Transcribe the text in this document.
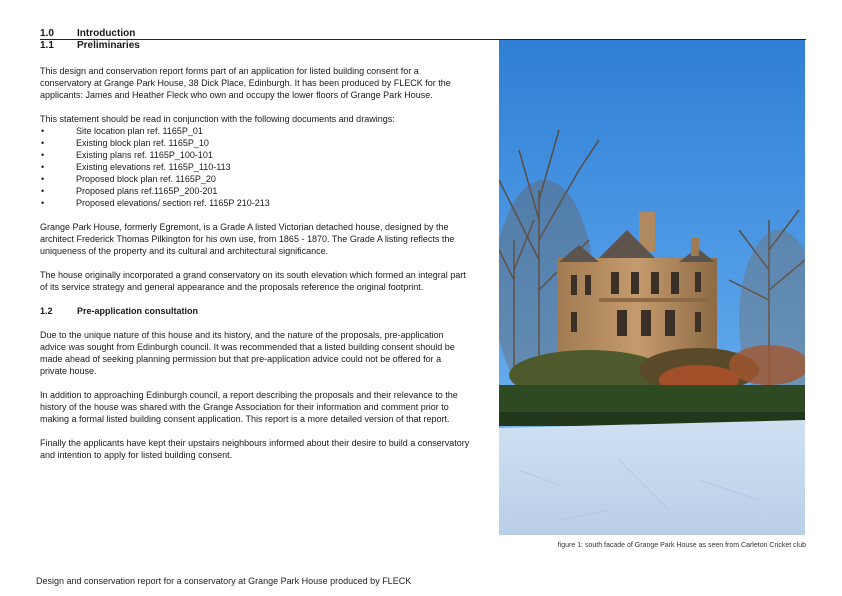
1.0 Introduction
1.1 Preliminaries

This design and conservation report forms part of an application for listed building consent for a conservatory at Grange Park House, 38 Dick Place, Edinburgh. It has been produced by FLECK for the applicants: James and Heather Fleck who own and occupy the lower floors of Grange Park House.

This statement should be read in conjunction with the following documents and drawings:
• Site location plan ref. 1165P_01
• Existing block plan ref. 1165P_10
• Existing plans ref. 1165P_100-101
• Existing elevations ref. 1165P_110-113
• Proposed block plan ref. 1165P_20
• Proposed plans ref.1165P_200-201
• Proposed elevations/ section ref. 1165P 210-213

Grange Park House, formerly Egremont, is a Grade A listed Victorian detached house, designed by the architect Frederick Thomas Pilkington for his own use, from 1865 - 1870. The Grade A listing reflects the uniqueness of the property and its cultural and architectural significance.

The house originally incorporated a grand conservatory on its south elevation which formed an integral part of its service strategy and general appearance and the proposals reference the original footprint.

1.2	Pre-application consultation

Due to the unique nature of this house and its history, and the nature of the proposals, pre-application advice was sought from Edinburgh council. It was recommended that a listed building consent should be made ahead of seeking planning permission but that pre-application advice could not be offered for a private house.

In addition to approaching Edinburgh council, a report describing the proposals and their relevance to the history of the house was shared with the Grange Association for their information and comment prior to making a formal listed building consent application. This report is a more detailed version of that report.

Finally the applicants have kept their upstairs neighbours informed about their desire to build a conservatory and intention to apply for listed building consent.

figure 1: south facade of Grange Park House as seen from Carleton Cricket club
Design and conservation report for a conservatory at Grange Park House produced by FLECK
